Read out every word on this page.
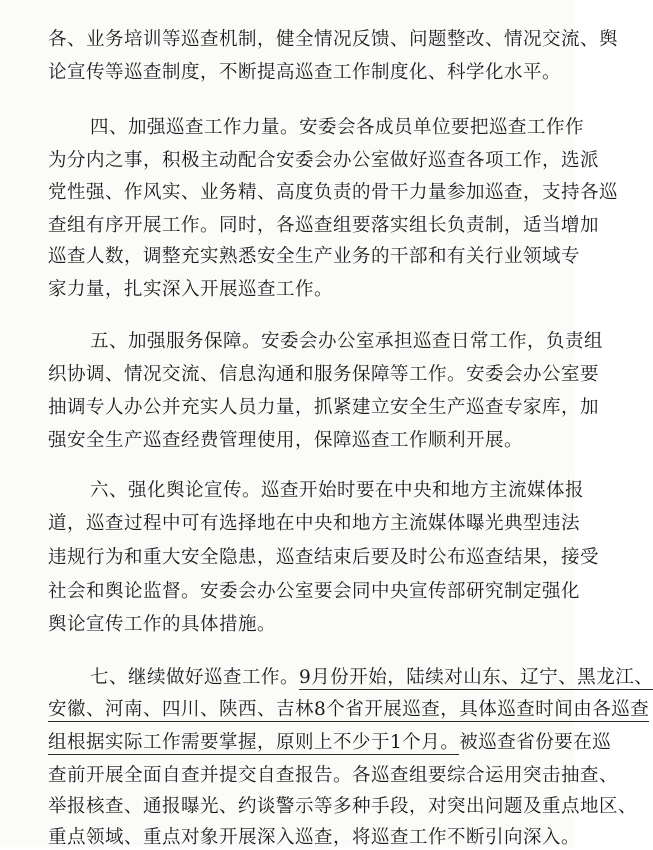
各、业务培训等巡查机制，健全情况反馈、问题整改、情况交流、舆
论宣传等巡查制度，不断提高巡查工作制度化、科学化水平。
四、加强巡查工作力量。安委会各成员单位要把巡查工作作
为分内之事，积极主动配合安委会办公室做好巡查各项工作，选派
党性强、作风实、业务精、高度负责的骨干力量参加巡查，支持各巡
查组有序开展工作。同时，各巡查组要落实组长负责制，适当增加
巡查人数，调整充实熟悉安全生产业务的干部和有关行业领域专
家力量，扎实深入开展巡查工作。
五、加强服务保障。安委会办公室承担巡查日常工作，负责组
织协调、情况交流、信息沟通和服务保障等工作。安委会办公室要
抽调专人办公并充实人员力量，抓紧建立安全生产巡查专家库，加
强安全生产巡查经费管理使用，保障巡查工作顺利开展。
六、强化舆论宣传。巡查开始时要在中央和地方主流媒体报
道，巡查过程中可有选择地在中央和地方主流媒体曝光典型违法
违规行为和重大安全隐患，巡查结束后要及时公布巡查结果，接受
社会和舆论监督。安委会办公室要会同中央宣传部研究制定强化
舆论宣传工作的具体措施。
七、继续做好巡查工作。9月份开始，陆续对山东、辽宁、黑龙江、
安徽、河南、四川、陕西、吉林8个省开展巡查，具体巡查时间由各巡查
组根据实际工作需要掌握，原则上不少于1个月。被巡查省份要在巡
查前开展全面自查并提交自查报告。各巡查组要综合运用突击抽查、
举报核查、通报曝光、约谈警示等多种手段，对突出问题及重点地区、
重点领域、重点对象开展深入巡查，将巡查工作不断引向深入。
